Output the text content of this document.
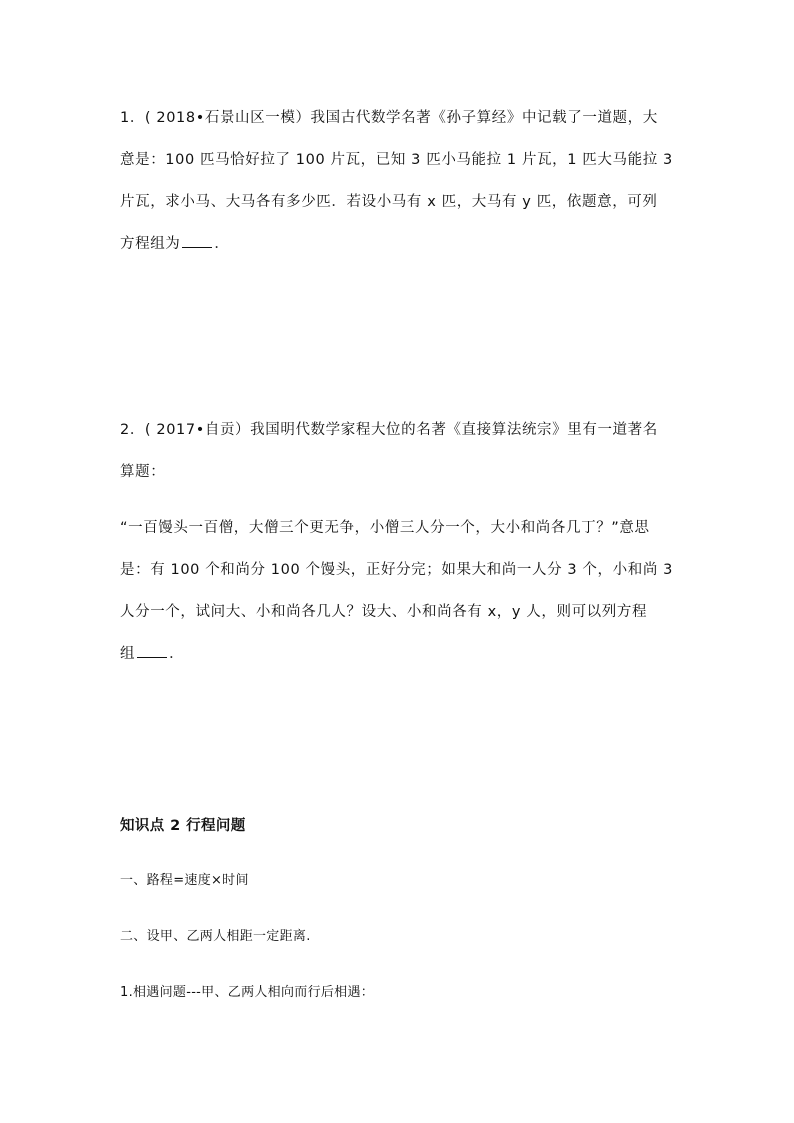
1．( 2018•石景山区一模）我国古代数学名著《孙子算经》中记载了一道题，大
意是：100 匹马恰好拉了 100 片瓦，已知 3 匹小马能拉 1 片瓦，1 匹大马能拉 3
片瓦，求小马、大马各有多少匹．若设小马有 x 匹，大马有 y 匹，依题意，可列
方程组为 ．
2．( 2017•自贡）我国明代数学家程大位的名著《直接算法统宗》里有一道著名
算题：
“一百馒头一百僧，大僧三个更无争，小僧三人分一个，大小和尚各几丁？”意思
是：有 100 个和尚分 100 个馒头，正好分完；如果大和尚一人分 3 个，小和尚 3
人分一个，试问大、小和尚各几人？设大、小和尚各有 x，y 人，则可以列方程
组 ．
知识点 2 行程问题
一、路程=速度×时间
二、设甲、乙两人相距一定距离.
1.相遇问题---甲、乙两人相向而行后相遇：
